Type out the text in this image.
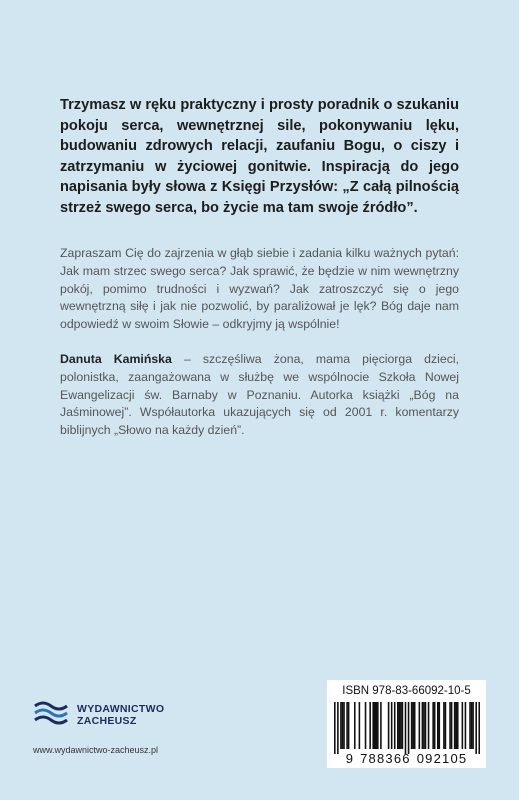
Trzymasz w ręku praktyczny i prosty poradnik o szukaniu pokoju serca, wewnętrznej sile, pokonywaniu lęku, budowaniu zdrowych relacji, zaufaniu Bogu, o ciszy i zatrzymaniu w życiowej gonitwie. Inspiracją do jego napisania były słowa z Księgi Przysłów: „Z całą pilnością strzeż swego serca, bo życie ma tam swoje źródło”.

Zapraszam Cię do zajrzenia w głąb siebie i zadania kilku ważnych pytań: Jak mam strzec swego serca? Jak sprawić, że będzie w nim wewnętrzny pokój, pomimo trudności i wyzwań? Jak zatroszczyć się o jego wewnętrzną siłę i jak nie pozwolić, by paraliżował je lęk? Bóg daje nam odpowiedź w swoim Słowie – odkryjmy ją wspólnie!

Danuta Kamińska – szczęśliwa żona, mama pięciorga dzieci, polonistka, zaangażowana w służbę we wspólnocie Szkoła Nowej Ewangelizacji św. Barnaby w Poznaniu. Autorka książki „Bóg na Jaśminowej”. Współautorka ukazujących się od 2001 r. komentarzy biblijnych „Słowo na każdy dzień”.

WYDAWNICTWO
ZACHEUSZ
www.wydawnictwo-zacheusz.pl
ISBN 978-83-66092-10-5
9 788366 092105
